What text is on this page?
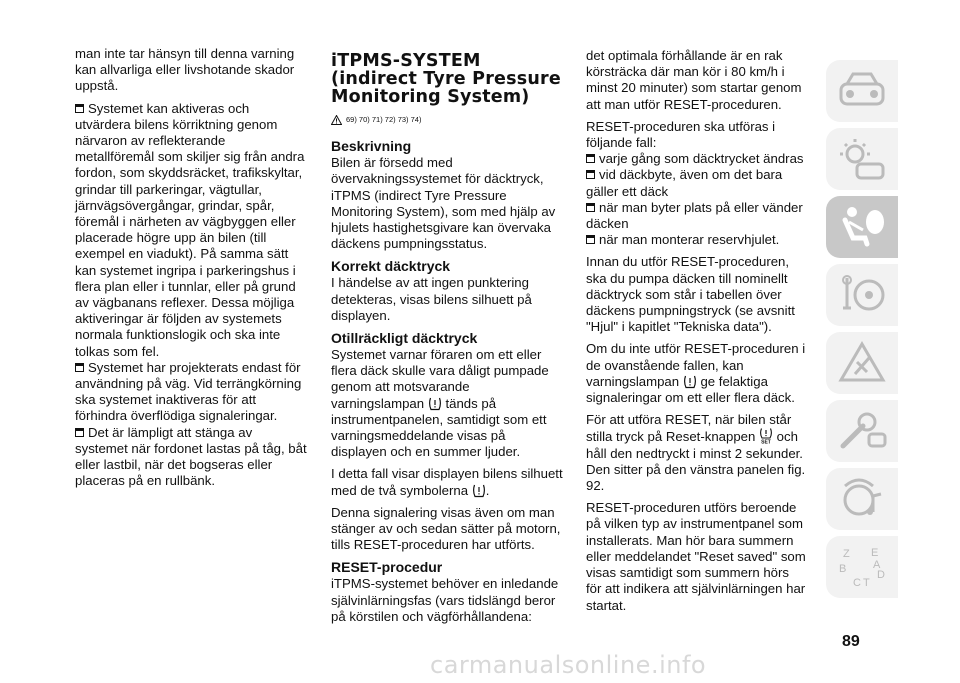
man inte tar hänsyn till denna varning kan allvarliga eller livshotande skador uppstå.

Systemet kan aktiveras och utvärdera bilens körriktning genom närvaron av reflekterande metallföremål som skiljer sig från andra fordon, som skyddsräcket, trafikskyltar, grindar till parkeringar, vägtullar, järnvägsövergångar, grindar, spår, föremål i närheten av vägbyggen eller placerade högre upp än bilen (till exempel en viadukt). På samma sätt kan systemet ingripa i parkeringshus i flera plan eller i tunnlar, eller på grund av vägbanans reflexer. Dessa möjliga aktiveringar är följden av systemets normala funktionslogik och ska inte tolkas som fel.

Systemet har projekterats endast för användning på väg. Vid terrängkörning ska systemet inaktiveras för att förhindra överflödiga signaleringar.

Det är lämpligt att stänga av systemet när fordonet lastas på tåg, båt eller lastbil, när det bogseras eller placeras på en rullbänk.

iTPMS-SYSTEM (indirect Tyre Pressure Monitoring System)
69) 70) 71) 72) 73) 74)
Beskrivning

Bilen är försedd med övervakningssystemet för däcktryck, iTPMS (indirect Tyre Pressure Monitoring System), som med hjälp av hjulets hastighetsgivare kan övervaka däckens pumpningsstatus.

Korrekt däcktryck

I händelse av att ingen punktering detekteras, visas bilens silhuett på displayen.

Otillräckligt däcktryck

Systemet varnar föraren om ett eller flera däck skulle vara dåligt pumpade genom att motsvarande varningslampan tänds på instrumentpanelen, samtidigt som ett varningsmeddelande visas på displayen och en summer ljuder.

I detta fall visar displayen bilens silhuett med de två symbolerna .

Denna signalering visas även om man stänger av och sedan sätter på motorn, tills RESET-proceduren har utförts.

RESET-procedur

iTPMS-systemet behöver en inledande självinlärningsfas (vars tidslängd beror på körstilen och vägförhållandena:

det optimala förhållande är en rak körsträcka där man kör i 80 km/h i minst 20 minuter) som startar genom att man utför RESET-proceduren.

RESET-proceduren ska utföras i följande fall:

varje gång som däcktrycket ändras

vid däckbyte, även om det bara gäller ett däck

när man byter plats på eller vänder däcken

när man monterar reservhjulet.

Innan du utför RESET-proceduren, ska du pumpa däcken till nominellt däcktryck som står i tabellen över däckens pumpningstryck (se avsnitt "Hjul" i kapitlet "Tekniska data").

Om du inte utför RESET-proceduren i de ovanstående fallen, kan varningslampan ge felaktiga signaleringar om ett eller flera däck.

För att utföra RESET, när bilen står stilla tryck på Reset-knappen SET och håll den nedtryckt i minst 2 sekunder. Den sitter på den vänstra panelen fig. 92.

RESET-proceduren utförs beroende på vilken typ av instrumentpanel som installerats. Man hör bara summern eller meddelandet "Reset saved" som visas samtidigt som summern hörs för att indikera att självinlärningen har startat.

Z E
B
C T
D
A
89
carmanualsonline.info
